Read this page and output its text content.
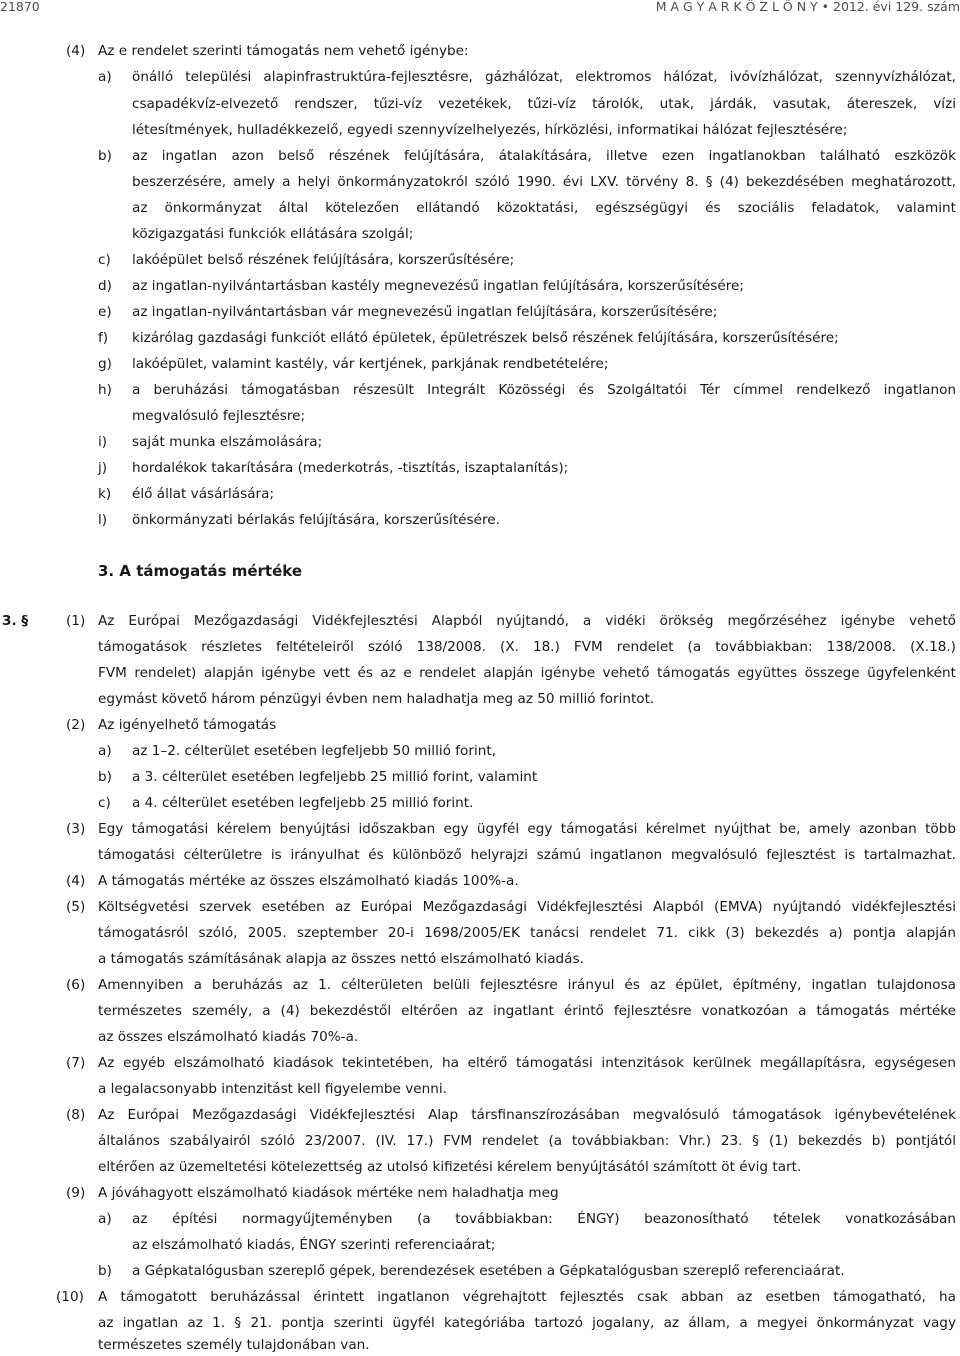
21870	M A G Y A R K Ö Z L Ö N Y • 2012. évi 129. szám
(4) Az e rendelet szerinti támogatás nem vehető igénybe:
a) önálló települési alapinfrastruktúra-fejlesztésre, gázhálózat, elektromos hálózat, ivóvízhálózat, szennyvízhálózat,
csapadékvíz-elvezető rendszer, tűzi-víz vezetékek, tűzi-víz tárolók, utak, járdák, vasutak, átereszek, vízi
létesítmények, hulladékkezelő, egyedi szennyvízelhelyezés, hírközlési, informatikai hálózat fejlesztésére;
b) az ingatlan azon belső részének felújítására, átalakítására, illetve ezen ingatlanokban található eszközök
beszerzésére, amely a helyi önkormányzatokról szóló 1990. évi LXV. törvény 8. § (4) bekezdésében meghatározott,
az önkormányzat által kötelezően ellátandó közoktatási, egészségügyi és szociális feladatok, valamint
közigazgatási funkciók ellátására szolgál;
c) lakóépület belső részének felújítására, korszerűsítésére;
d) az ingatlan-nyilvántartásban kastély megnevezésű ingatlan felújítására, korszerűsítésére;
e) az ingatlan-nyilvántartásban vár megnevezésű ingatlan felújítására, korszerűsítésére;
f) kizárólag gazdasági funkciót ellátó épületek, épületrészek belső részének felújítására, korszerűsítésére;
g) lakóépület, valamint kastély, vár kertjének, parkjának rendbetételére;
h) a beruházási támogatásban részesült Integrált Közösségi és Szolgáltatói Tér címmel rendelkező ingatlanon
megvalósuló fejlesztésre;
i) saját munka elszámolására;
j) hordalékok takarítására (mederkotrás, -tisztítás, iszaptalanítás);
k) élő állat vásárlására;
l) önkormányzati bérlakás felújítására, korszerűsítésére.
3. A támogatás mértéke
3. §	(1) Az Európai Mezőgazdasági Vidékfejlesztési Alapból nyújtandó, a vidéki örökség megőrzéséhez igénybe vehető
támogatások részletes feltételeiről szóló 138/2008. (X. 18.) FVM rendelet (a továbbiakban: 138/2008. (X.18.)
FVM rendelet) alapján igénybe vett és az e rendelet alapján igénybe vehető támogatás együttes összege ügyfelenként
egymást követő három pénzügyi évben nem haladhatja meg az 50 millió forintot.
(2) Az igényelhető támogatás
a) az 1–2. célterület esetében legfeljebb 50 millió forint,
b) a 3. célterület esetében legfeljebb 25 millió forint, valamint
c) a 4. célterület esetében legfeljebb 25 millió forint.
(3) Egy támogatási kérelem benyújtási időszakban egy ügyfél egy támogatási kérelmet nyújthat be, amely azonban több
támogatási célterületre is irányulhat és különböző helyrajzi számú ingatlanon megvalósuló fejlesztést is tartalmazhat.
(4) A támogatás mértéke az összes elszámolható kiadás 100%-a.
(5) Költségvetési szervek esetében az Európai Mezőgazdasági Vidékfejlesztési Alapból (EMVA) nyújtandó vidékfejlesztési
támogatásról szóló, 2005. szeptember 20-i 1698/2005/EK tanácsi rendelet 71. cikk (3) bekezdés a) pontja alapján
a támogatás számításának alapja az összes nettó elszámolható kiadás.
(6) Amennyiben a beruházás az 1. célterületen belüli fejlesztésre irányul és az épület, építmény, ingatlan tulajdonosa
természetes személy, a (4) bekezdéstől eltérően az ingatlant érintő fejlesztésre vonatkozóan a támogatás mértéke
az összes elszámolható kiadás 70%-a.
(7) Az egyéb elszámolható kiadások tekintetében, ha eltérő támogatási intenzitások kerülnek megállapításra, egységesen
a legalacsonyabb intenzitást kell figyelembe venni.
(8) Az Európai Mezőgazdasági Vidékfejlesztési Alap társfinanszírozásában megvalósuló támogatások igénybevételének
általános szabályairól szóló 23/2007. (IV. 17.) FVM rendelet (a továbbiakban: Vhr.) 23. § (1) bekezdés b) pontjától
eltérően az üzemeltetési kötelezettség az utolsó kifizetési kérelem benyújtásától számított öt évig tart.
(9) A jóváhagyott elszámolható kiadások mértéke nem haladhatja meg
a) az építési normagyűjteményben (a továbbiakban: ÉNGY) beazonosítható tételek vonatkozásában
az elszámolható kiadás, ÉNGY szerinti referenciaárat;
b) a Gépkatalógusban szereplő gépek, berendezések esetében a Gépkatalógusban szereplő referenciaárat.
(10) A támogatott beruházással érintett ingatlanon végrehajtott fejlesztés csak abban az esetben támogatható, ha
az ingatlan az 1. § 21. pontja szerinti ügyfél kategóriába tartozó jogalany, az állam, a megyei önkormányzat vagy
természetes személy tulajdonában van.
